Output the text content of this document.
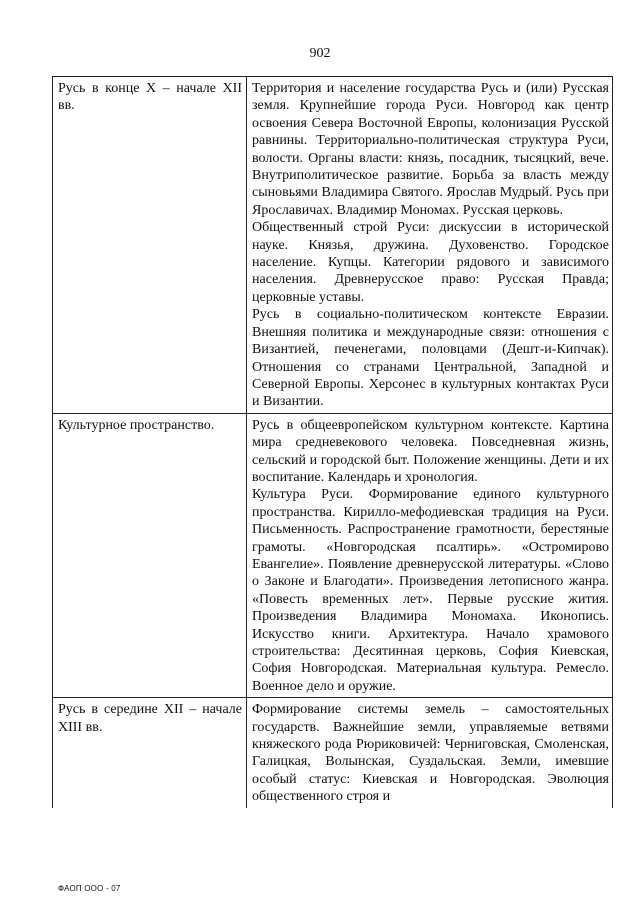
902
Русь в конце X – начале XII вв.	Территория и население государства Русь и (или) Русская земля. Крупнейшие города Руси. Новгород как центр освоения Севера Восточной Европы, колонизация Русской равнины. Территориально-политическая структура Руси, волости. Органы власти: князь, посадник, тысяцкий, вече. Внутриполитическое развитие. Борьба за власть между сыновьями Владимира Святого. Ярослав Мудрый. Русь при Ярославичах. Владимир Мономах. Русская церковь.

Общественный строй Руси: дискуссии в исторической науке. Князья, дружина. Духовенство. Городское население. Купцы. Категории рядового и зависимого населения. Древнерусское право: Русская Правда; церковные уставы.

Русь в социально-политическом контексте Евразии. Внешняя политика и международные связи: отношения с Византией, печенегами, половцами (Дешт-и-Кипчак). Отношения со странами Центральной, Западной и Северной Европы. Херсонес в культурных контактах Руси и Византии.

Культурное пространство.	Русь в общеевропейском культурном контексте. Картина мира средневекового человека. Повседневная жизнь, сельский и городской быт. Положение женщины. Дети и их воспитание. Календарь и хронология.

Культура Руси. Формирование единого культурного пространства. Кирилло-мефодиевская традиция на Руси. Письменность. Распространение грамотности, берестяные грамоты. «Новгородская псалтирь». «Остромирово Евангелие». Появление древнерусской литературы. «Слово о Законе и Благодати». Произведения летописного жанра. «Повесть временных лет». Первые русские жития. Произведения Владимира Мономаха. Иконопись. Искусство книги. Архитектура. Начало храмового строительства: Десятинная церковь, София Киевская, София Новгородская. Материальная культура. Ремесло. Военное дело и оружие.

Русь в середине XII – начале XIII вв.	Формирование системы земель – самостоятельных государств. Важнейшие земли, управляемые ветвями княжеского рода Рюриковичей: Черниговская, Смоленская, Галицкая, Волынская, Суздальская. Земли, имевшие особый статус: Киевская и Новгородская. Эволюция общественного строя и

ФАОП ООО - 07
